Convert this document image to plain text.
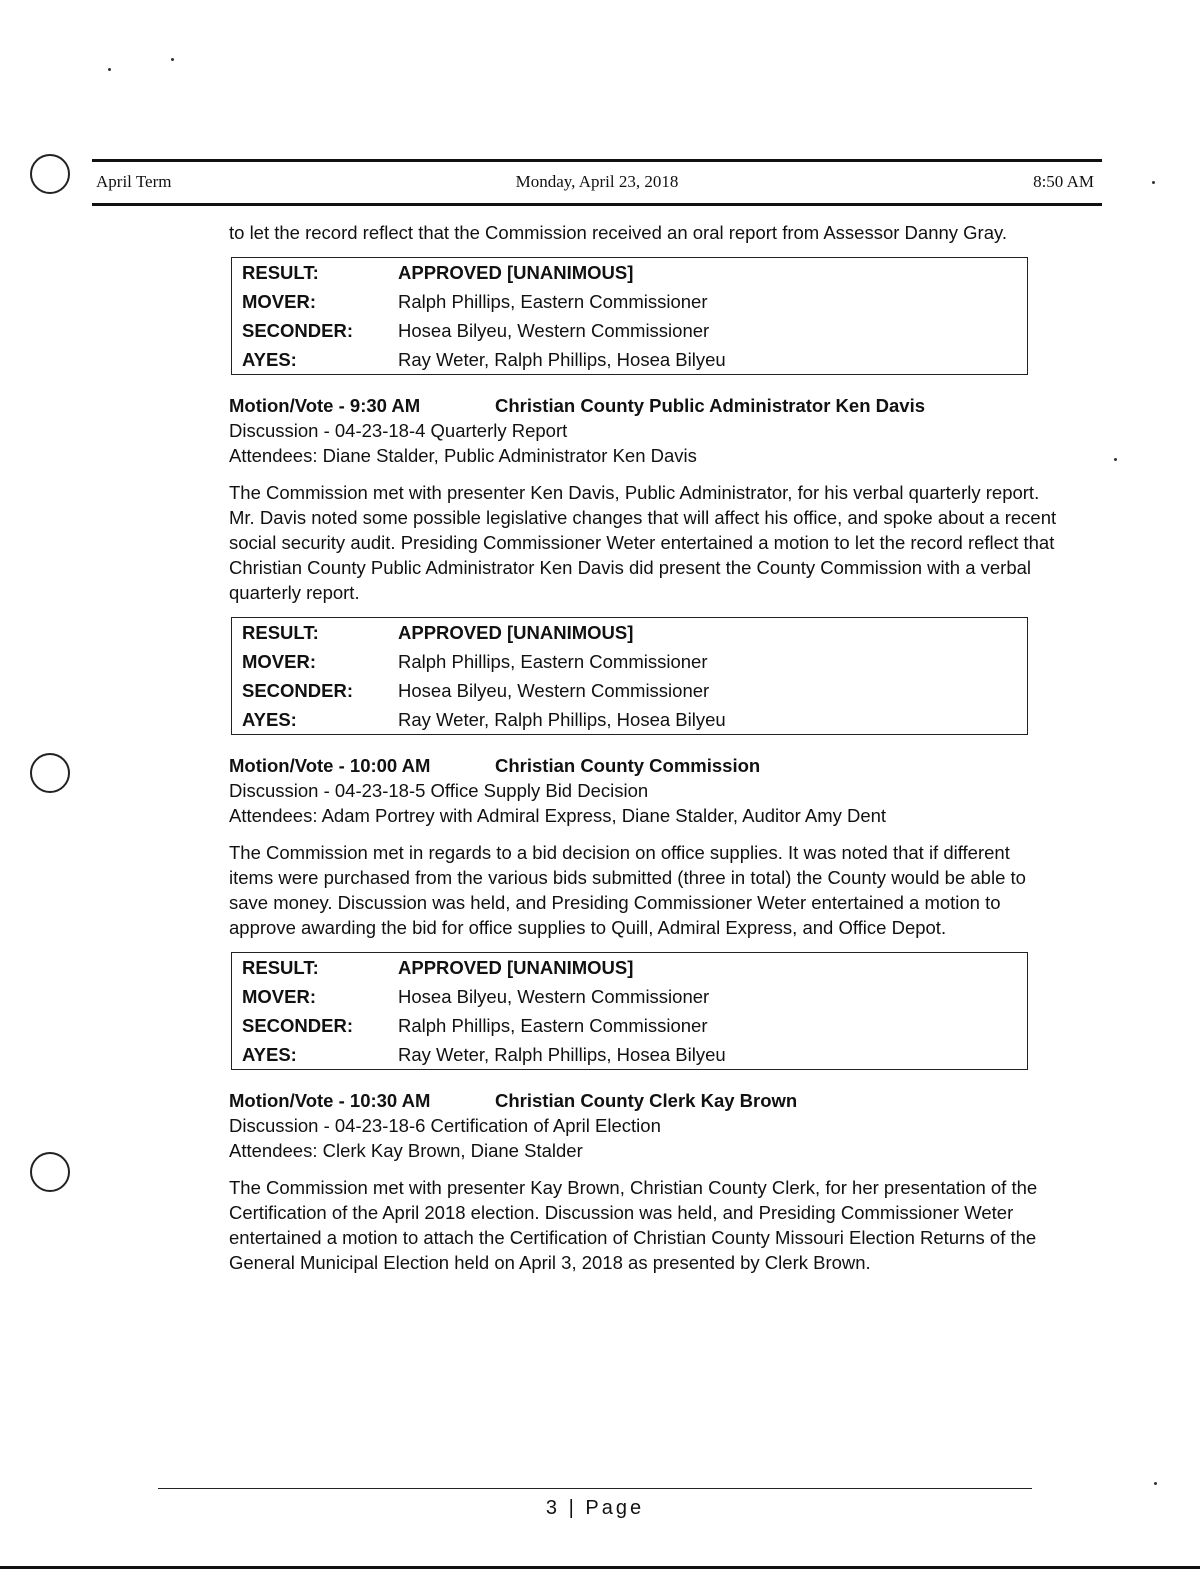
April Term	Monday, April 23, 2018	8:50 AM

to let the record reflect that the Commission received an oral report from Assessor Danny Gray.

RESULT:	APPROVED [UNANIMOUS]
MOVER:	Ralph Phillips, Eastern Commissioner
SECONDER:	Hosea Bilyeu, Western Commissioner
AYES:	Ray Weter, Ralph Phillips, Hosea Bilyeu

Motion/Vote - 9:30 AM	Christian County Public Administrator Ken Davis

Discussion - 04-23-18-4 Quarterly Report

Attendees: Diane Stalder, Public Administrator Ken Davis

The Commission met with presenter Ken Davis, Public Administrator, for his verbal quarterly report. Mr. Davis noted some possible legislative changes that will affect his office, and spoke about a recent social security audit. Presiding Commissioner Weter entertained a motion to let the record reflect that Christian County Public Administrator Ken Davis did present the County Commission with a verbal quarterly report.

RESULT:	APPROVED [UNANIMOUS]
MOVER:	Ralph Phillips, Eastern Commissioner
SECONDER:	Hosea Bilyeu, Western Commissioner
AYES:	Ray Weter, Ralph Phillips, Hosea Bilyeu

Motion/Vote - 10:00 AM	Christian County Commission

Discussion - 04-23-18-5 Office Supply Bid Decision

Attendees: Adam Portrey with Admiral Express, Diane Stalder, Auditor Amy Dent

The Commission met in regards to a bid decision on office supplies. It was noted that if different items were purchased from the various bids submitted (three in total) the County would be able to save money. Discussion was held, and Presiding Commissioner Weter entertained a motion to approve awarding the bid for office supplies to Quill, Admiral Express, and Office Depot.

RESULT:	APPROVED [UNANIMOUS]
MOVER:	Hosea Bilyeu, Western Commissioner
SECONDER:	Ralph Phillips, Eastern Commissioner
AYES:	Ray Weter, Ralph Phillips, Hosea Bilyeu

Motion/Vote - 10:30 AM	Christian County Clerk Kay Brown

Discussion - 04-23-18-6 Certification of April Election

Attendees: Clerk Kay Brown, Diane Stalder

The Commission met with presenter Kay Brown, Christian County Clerk, for her presentation of the Certification of the April 2018 election. Discussion was held, and Presiding Commissioner Weter entertained a motion to attach the Certification of Christian County Missouri Election Returns of the General Municipal Election held on April 3, 2018 as presented by Clerk Brown.

3 | Page
